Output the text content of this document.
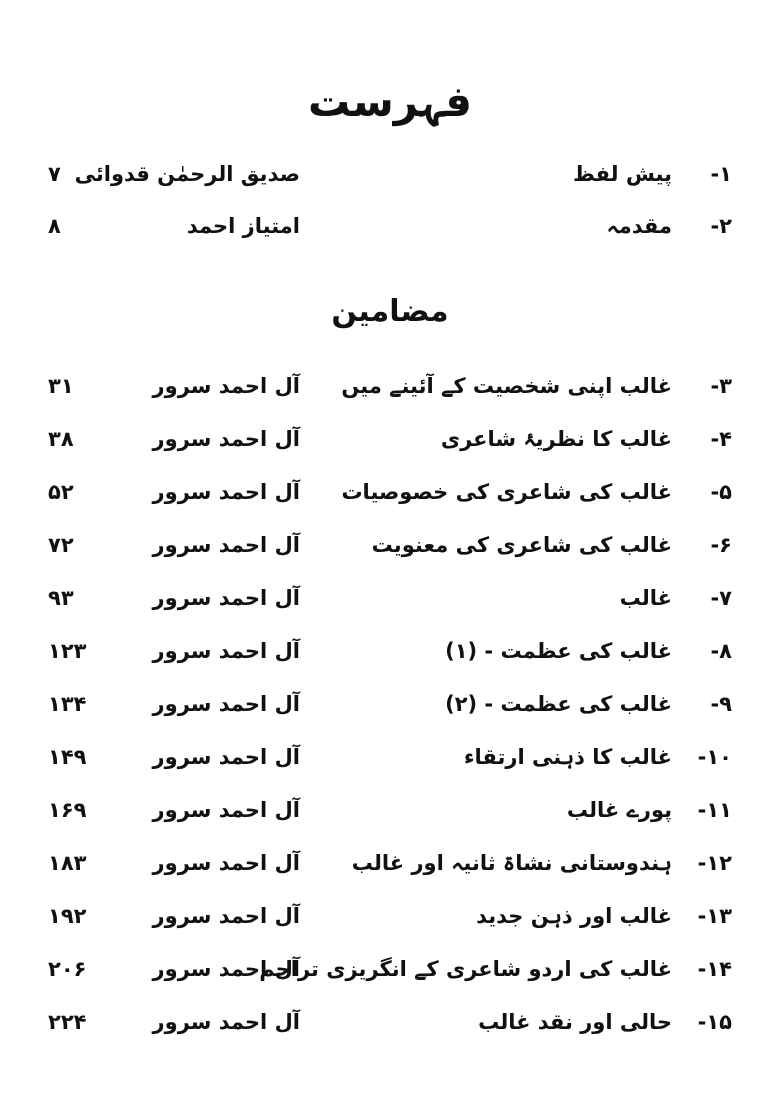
فہرست
۱-
پیش لفظ
صدیق الرحمٰن قدوائی
۷
۲-
مقدمہ
امتیاز احمد
۸
مضامین
۳-
غالب اپنی شخصیت کے آئینے میں
آل احمد سرور
۳۱
۴-
غالب کا نظریۂ شاعری
آل احمد سرور
۳۸
۵-
غالب کی شاعری کی خصوصیات
آل احمد سرور
۵۲
۶-
غالب کی شاعری کی معنویت
آل احمد سرور
۷۲
۷-
غالب
آل احمد سرور
۹۳
۸-
غالب کی عظمت - (۱)
آل احمد سرور
۱۲۳
۹-
غالب کی عظمت - (۲)
آل احمد سرور
۱۳۴
۱۰-
غالب کا ذہنی ارتقاء
آل احمد سرور
۱۴۹
۱۱-
پورے غالب
آل احمد سرور
۱۶۹
۱۲-
ہندوستانی نشاۃ ثانیہ اور غالب
آل احمد سرور
۱۸۳
۱۳-
غالب اور ذہن جدید
آل احمد سرور
۱۹۲
۱۴-
غالب کی اردو شاعری کے انگریزی تراجم
آل احمد سرور
۲۰۶
۱۵-
حالی اور نقد غالب
آل احمد سرور
۲۲۴
